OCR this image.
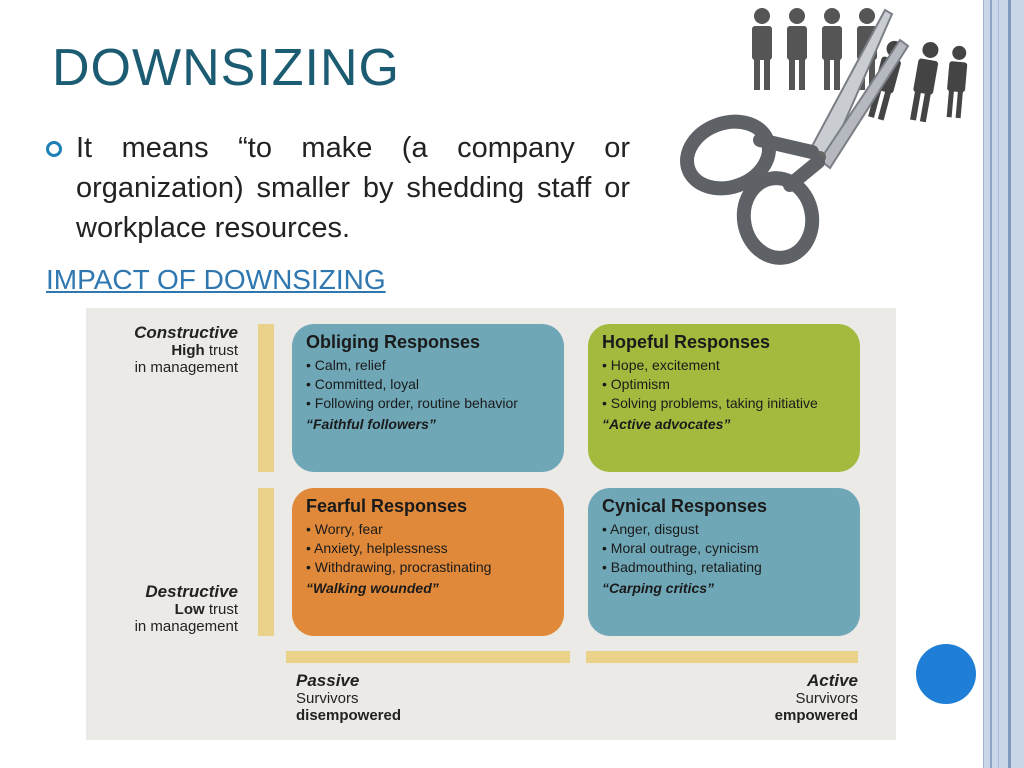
DOWNSIZING
It means “to make (a company or organization) smaller by shedding staff or workplace resources.
IMPACT OF DOWNSIZING
Constructive
High trust
in management
Destructive
Low trust
in management
Obliging Responses
• Calm, relief
• Committed, loyal
• Following order, routine behavior
“Faithful followers”
Hopeful Responses
• Hope, excitement
• Optimism
• Solving problems, taking initiative
“Active advocates”
Fearful Responses
• Worry, fear
• Anxiety, helplessness
• Withdrawing, procrastinating
“Walking wounded”
Cynical Responses
• Anger, disgust
• Moral outrage, cynicism
• Badmouthing, retaliating
“Carping critics”
Passive
Survivors
disempowered
Active
Survivors
empowered
